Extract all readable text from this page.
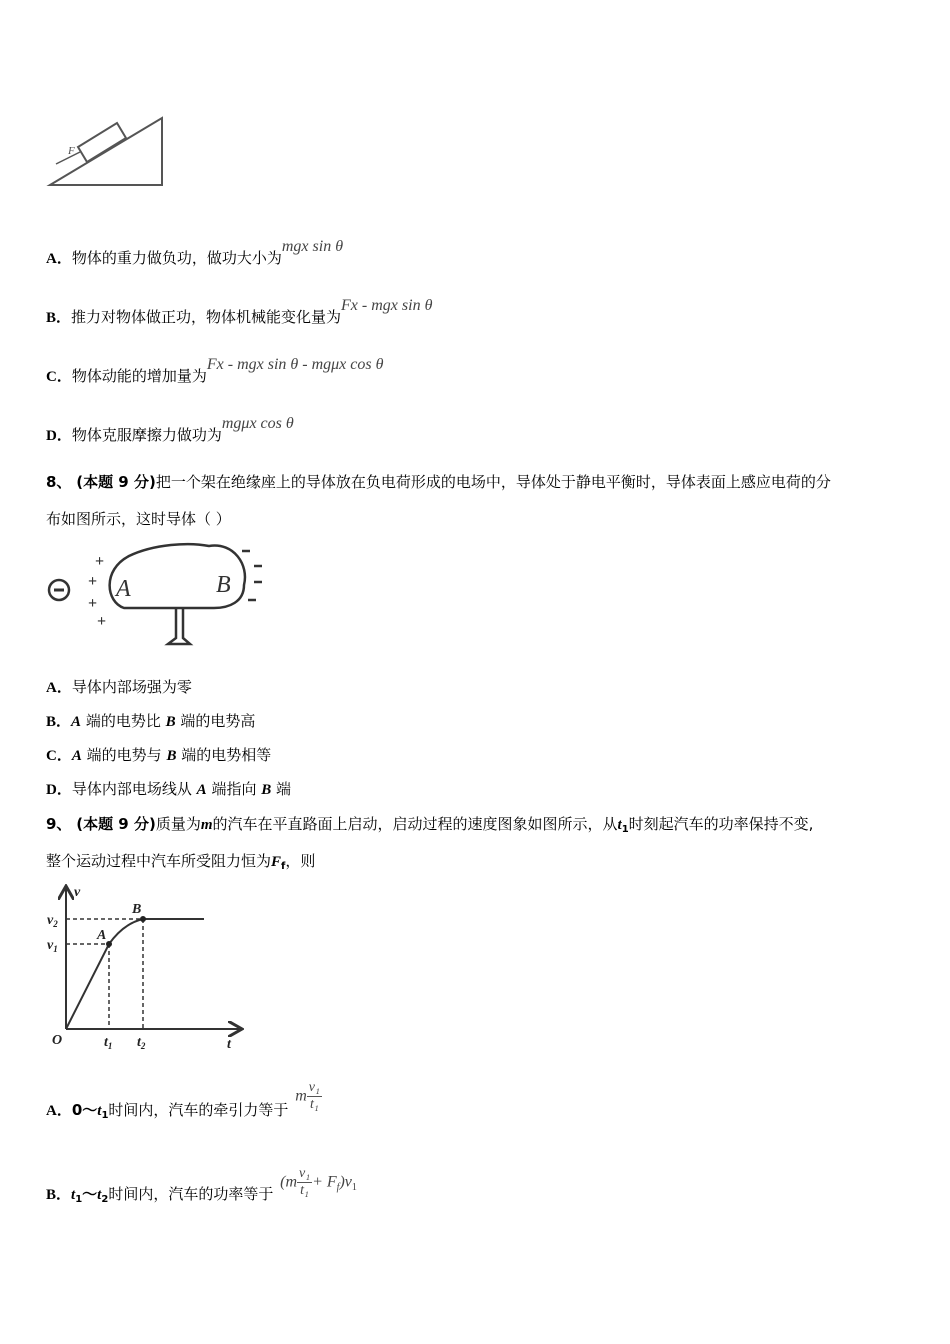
F
A．物体的重力做负功，做功大小为mgx sin θ
B．推力对物体做正功，物体机械能变化量为Fx - mgx sin θ
C．物体动能的增加量为Fx - mgx sin θ - mgμx cos θ
D．物体克服摩擦力做功为mgμx cos θ
8、 (本题 9 分)把一个架在绝缘座上的导体放在负电荷形成的电场中，导体处于静电平衡时，导体表面上感应电荷的分
布如图所示，这时导体（ ）
+
+
+
+
A	B
A．导体内部场强为零
B．A 端的电势比 B 端的电势高
C．A 端的电势与 B 端的电势相等
D．导体内部电场线从 A 端指向 B 端
9、 (本题 9 分)质量为m的汽车在平直路面上启动，启动过程的速度图象如图所示，从$t_1$时刻起汽车的功率保持不变,
整个运动过程中汽车所受阻力恒为$F_f$，则
v
t
O
A
B
$v_2$
$v_1$
$t_1$ $t_2$
A．$0\sim t_1$时间内，汽车的牵引力等于 m $\frac{\text{v₁}}{\text{t₁}}$
B．$t_1\sim t_2$时间内，汽车的功率等于 $(m \frac{\text{v₁}}{\text{t₁}} + F_f)v_1$
